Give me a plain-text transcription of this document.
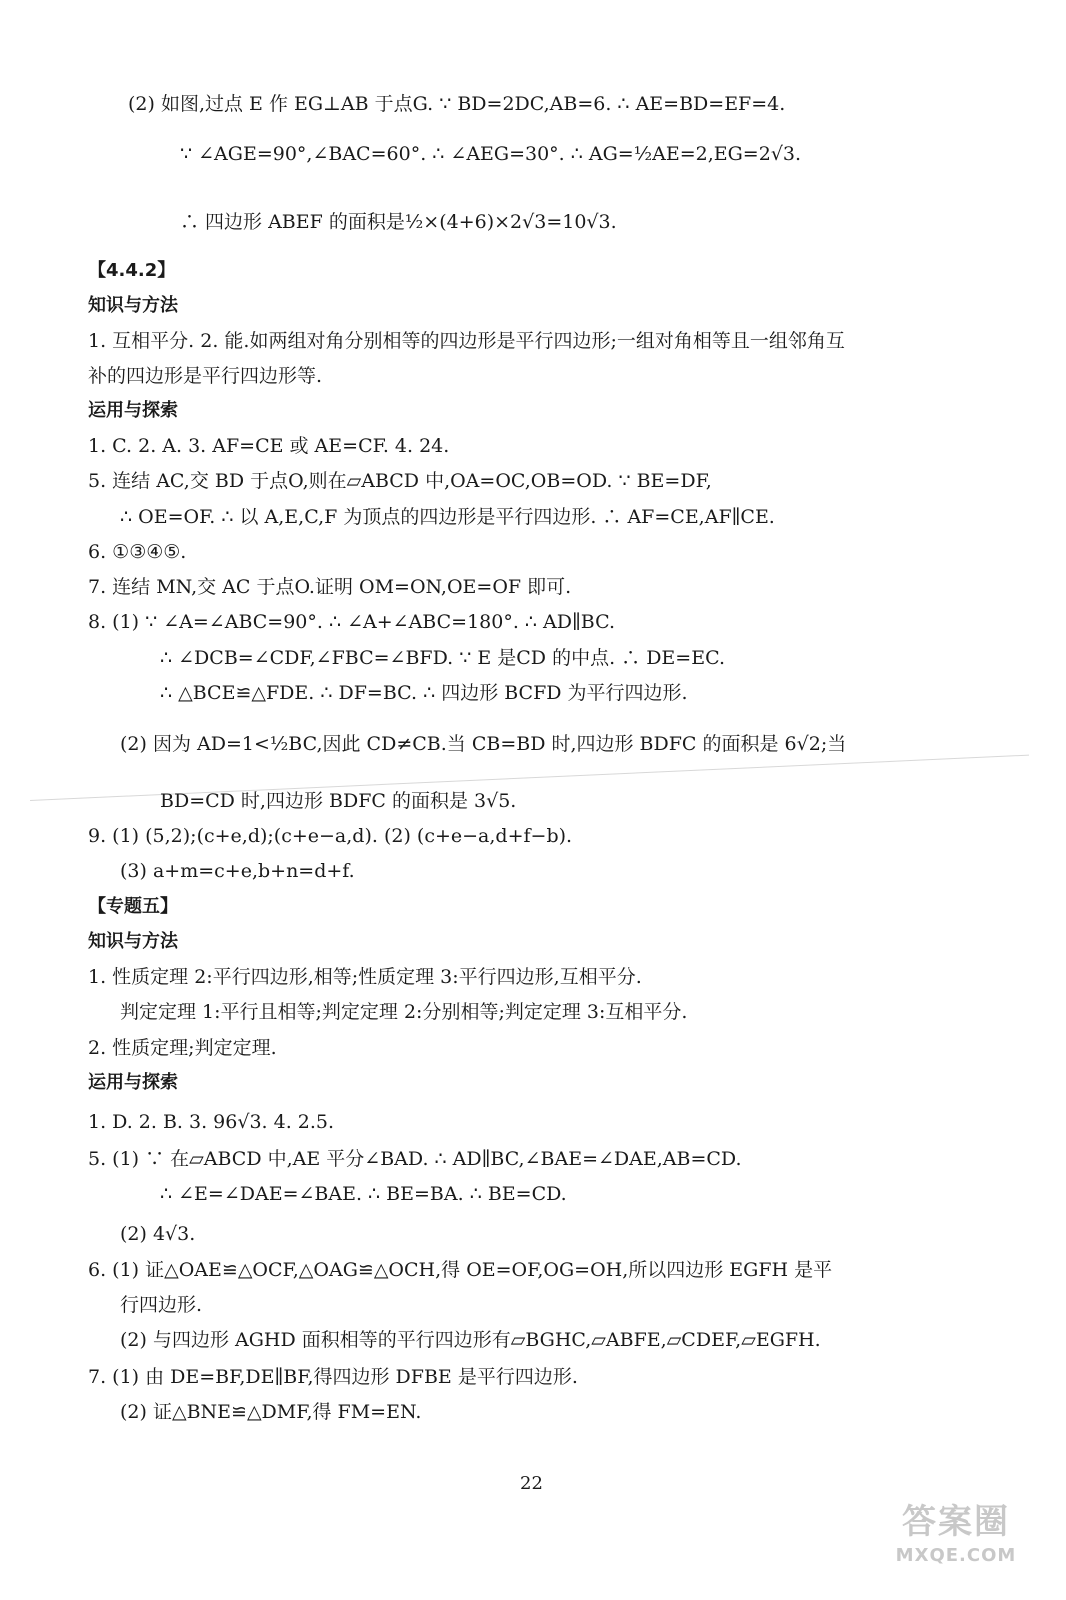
(2) 如图,过点 E 作 EG⊥AB 于点G. ∵ BD=2DC,AB=6. ∴ AE=BD=EF=4.
∵ ∠AGE=90°,∠BAC=60°. ∴ ∠AEG=30°. ∴ AG=½AE=2,EG=2√3.
∴ 四边形 ABEF 的面积是½×(4+6)×2√3=10√3.
【4.4.2】
知识与方法
1. 互相平分. 2. 能.如两组对角分别相等的四边形是平行四边形;一组对角相等且一组邻角互
补的四边形是平行四边形等.
运用与探索
1. C. 2. A. 3. AF=CE 或 AE=CF. 4. 24.
5. 连结 AC,交 BD 于点O,则在▱ABCD 中,OA=OC,OB=OD. ∵ BE=DF,
∴ OE=OF. ∴ 以 A,E,C,F 为顶点的四边形是平行四边形. ∴ AF=CE,AF∥CE.
6. ①③④⑤.
7. 连结 MN,交 AC 于点O.证明 OM=ON,OE=OF 即可.
8. (1) ∵ ∠A=∠ABC=90°. ∴ ∠A+∠ABC=180°. ∴ AD∥BC.
∴ ∠DCB=∠CDF,∠FBC=∠BFD. ∵ E 是CD 的中点. ∴ DE=EC.
∴ △BCE≌△FDE. ∴ DF=BC. ∴ 四边形 BCFD 为平行四边形.
(2) 因为 AD=1<½BC,因此 CD≠CB.当 CB=BD 时,四边形 BDFC 的面积是 6√2;当
BD=CD 时,四边形 BDFC 的面积是 3√5.
9. (1) (5,2);(c+e,d);(c+e−a,d). (2) (c+e−a,d+f−b).
(3) a+m=c+e,b+n=d+f.
【专题五】
知识与方法
1. 性质定理 2:平行四边形,相等;性质定理 3:平行四边形,互相平分.
判定定理 1:平行且相等;判定定理 2:分别相等;判定定理 3:互相平分.
2. 性质定理;判定定理.
运用与探索
1. D. 2. B. 3. 96√3. 4. 2.5.
5. (1) ∵ 在▱ABCD 中,AE 平分∠BAD. ∴ AD∥BC,∠BAE=∠DAE,AB=CD.
∴ ∠E=∠DAE=∠BAE. ∴ BE=BA. ∴ BE=CD.
(2) 4√3.
6. (1) 证△OAE≌△OCF,△OAG≌△OCH,得 OE=OF,OG=OH,所以四边形 EGFH 是平
行四边形.
(2) 与四边形 AGHD 面积相等的平行四边形有▱BGHC,▱ABFE,▱CDEF,▱EGFH.
7. (1) 由 DE=BF,DE∥BF,得四边形 DFBE 是平行四边形.
(2) 证△BNE≌△DMF,得 FM=EN.
22
答案圈
MXQE.COM
